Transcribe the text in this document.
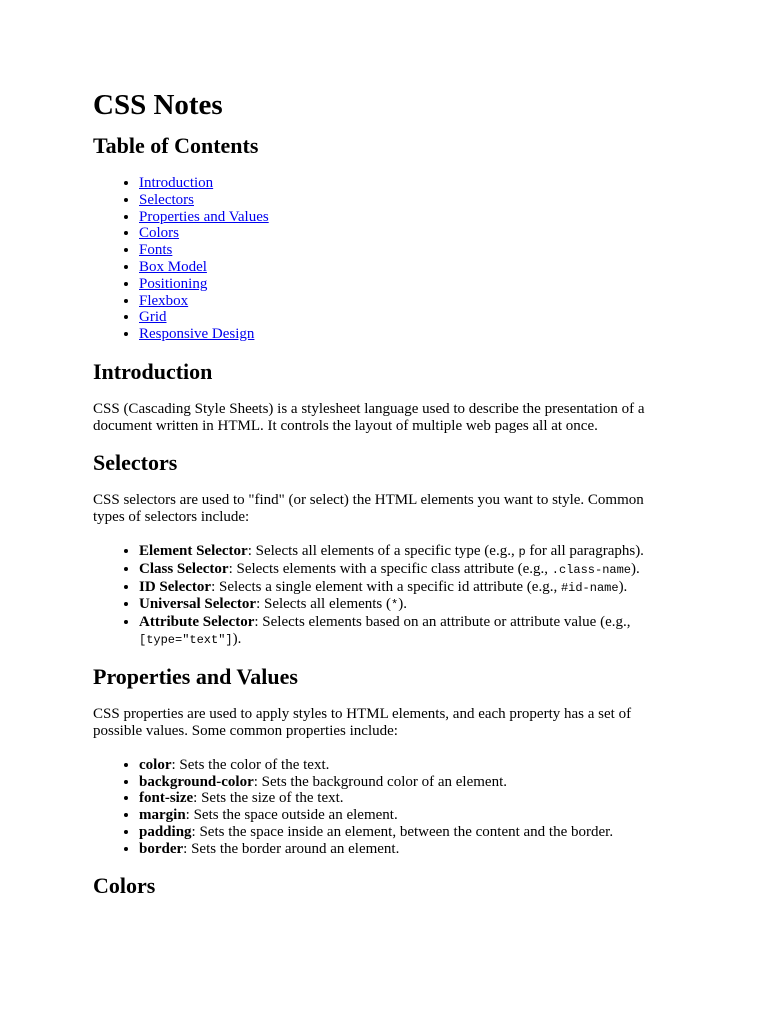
CSS Notes
Table of Contents
• Introduction
• Selectors
• Properties and Values
• Colors
• Fonts
• Box Model
• Positioning
• Flexbox
• Grid
• Responsive Design
Introduction

CSS (Cascading Style Sheets) is a stylesheet language used to describe the presentation of a document written in HTML. It controls the layout of multiple web pages all at once.

Selectors

CSS selectors are used to "find" (or select) the HTML elements you want to style. Common types of selectors include:

• Element Selector: Selects all elements of a specific type (e.g., p for all paragraphs).
• Class Selector: Selects elements with a specific class attribute (e.g., .class-name).
• ID Selector: Selects a single element with a specific id attribute (e.g., #id-name).
• Universal Selector: Selects all elements (*).
• Attribute Selector: Selects elements based on an attribute or attribute value (e.g., [type="text"]).
Properties and Values

CSS properties are used to apply styles to HTML elements, and each property has a set of possible values. Some common properties include:

• color: Sets the color of the text.
• background-color: Sets the background color of an element.
• font-size: Sets the size of the text.
• margin: Sets the space outside an element.
• padding: Sets the space inside an element, between the content and the border.
• border: Sets the border around an element.
Colors
